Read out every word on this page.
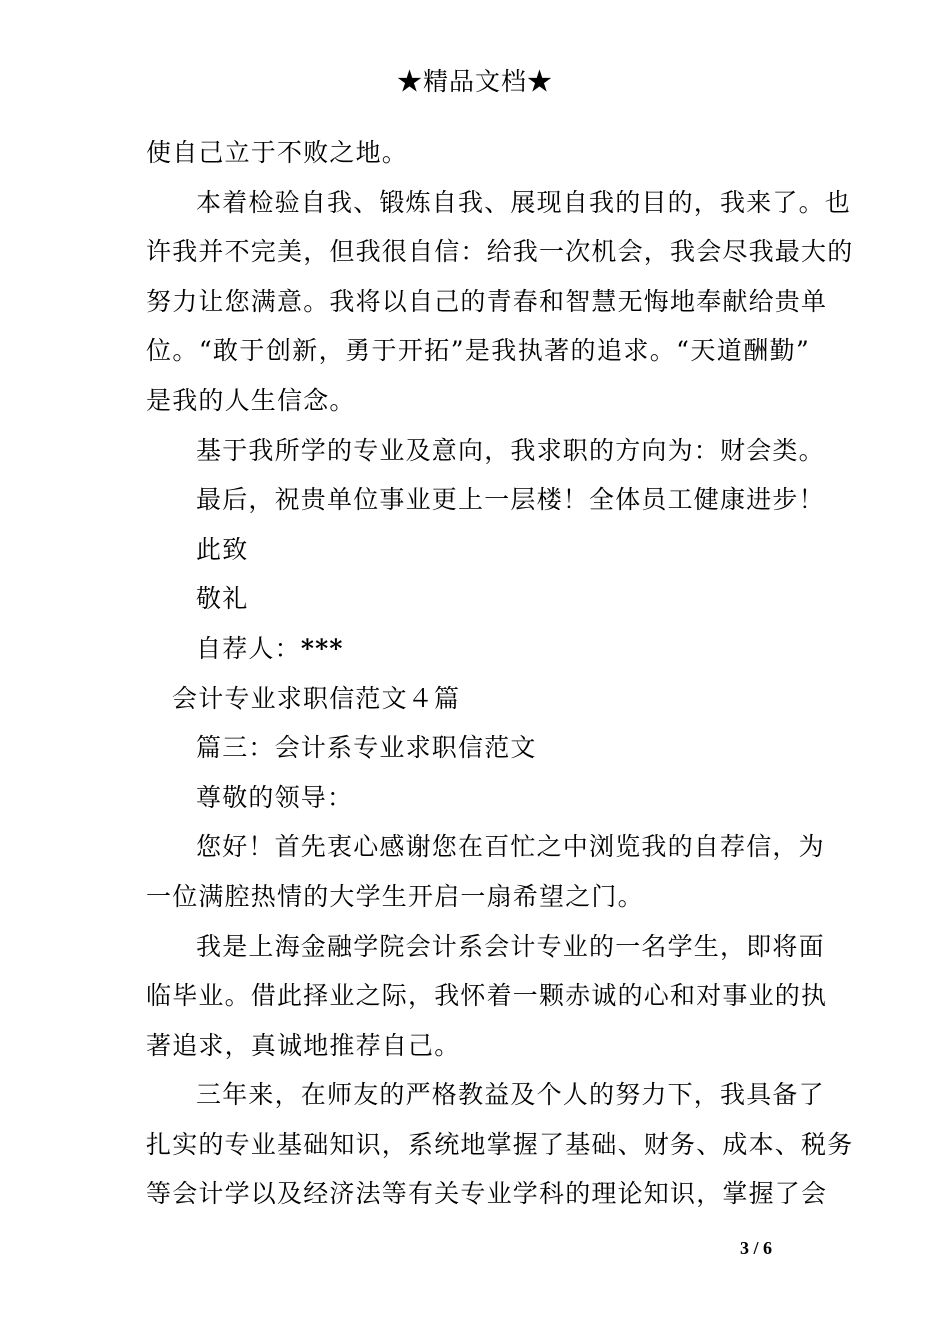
★精品文档★
使自己立于不败之地。
本着检验自我、锻炼自我、展现自我的目的，我来了。也
许我并不完美，但我很自信：给我一次机会，我会尽我最大的
努力让您满意。我将以自己的青春和智慧无悔地奉献给贵单
位。“敢于创新，勇于开拓”是我执著的追求。“天道酬勤”
是我的人生信念。
基于我所学的专业及意向，我求职的方向为：财会类。
最后，祝贵单位事业更上一层楼！全体员工健康进步！
此致
敬礼
自荐人：***
会计专业求职信范文４篇
篇三：会计系专业求职信范文
尊敬的领导：
您好！首先衷心感谢您在百忙之中浏览我的自荐信，为
一位满腔热情的大学生开启一扇希望之门。
我是上海金融学院会计系会计专业的一名学生，即将面
临毕业。借此择业之际，我怀着一颗赤诚的心和对事业的执
著追求，真诚地推荐自己。
三年来，在师友的严格教益及个人的努力下，我具备了
扎实的专业基础知识，系统地掌握了基础、财务、成本、税务
等会计学以及经济法等有关专业学科的理论知识，掌握了会
3 / 6
